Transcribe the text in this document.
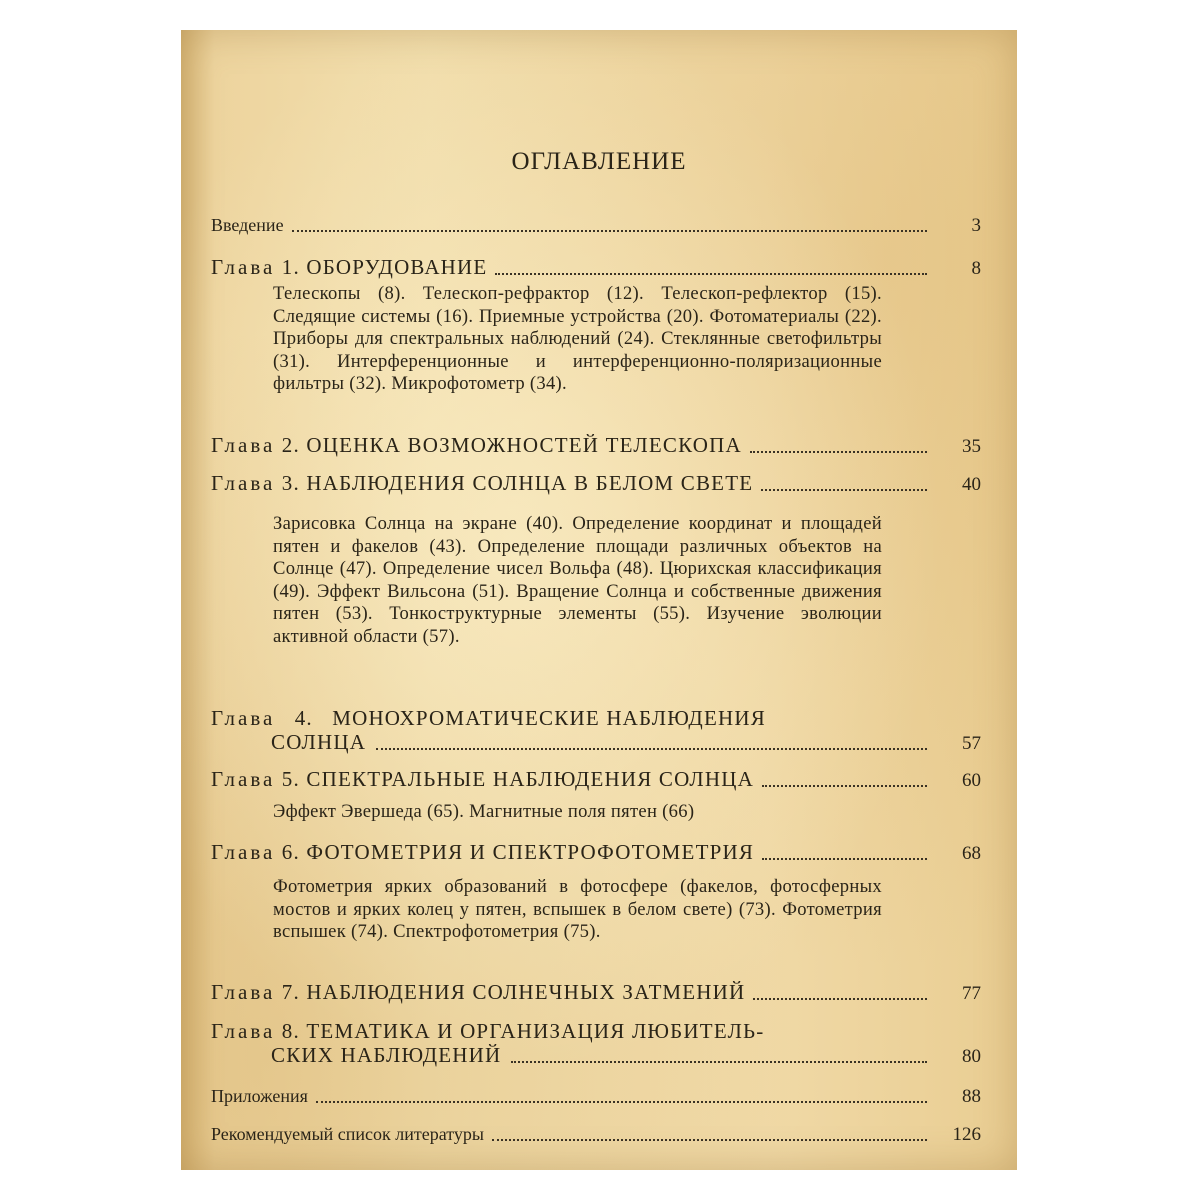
ОГЛАВЛЕНИЕ
Введение	3
Глава 1. ОБОРУДОВАНИЕ	8
Телескопы (8). Телескоп-рефрактор (12). Телескоп-рефлектор (15). Следящие системы (16). Приемные устройства (20). Фотоматериалы (22). Приборы для спектральных наблюдений (24). Стеклянные светофильтры (31). Интерференционные и интерференционно-поляризационные фильтры (32). Микрофотометр (34).
Глава 2. ОЦЕНКА ВОЗМОЖНОСТЕЙ ТЕЛЕСКОПА	35
Глава 3. НАБЛЮДЕНИЯ СОЛНЦА В БЕЛОМ СВЕТЕ	40
Зарисовка Солнца на экране (40). Определение координат и площадей пятен и факелов (43). Определение площади различных объектов на Солнце (47). Определение чисел Вольфа (48). Цюрихская классификация (49). Эффект Вильсона (51). Вращение Солнца и собственные движения пятен (53). Тонкоструктурные элементы (55). Изучение эволюции активной области (57).
Глава 4. МОНОХРОМАТИЧЕСКИЕ НАБЛЮДЕНИЯ
СОЛНЦА	57
Глава 5. СПЕКТРАЛЬНЫЕ НАБЛЮДЕНИЯ СОЛНЦА	60
Эффект Эвершеда (65). Магнитные поля пятен (66)
Глава 6. ФОТОМЕТРИЯ И СПЕКТРОФОТОМЕТРИЯ	68
Фотометрия ярких образований в фотосфере (факелов, фотосферных мостов и ярких колец у пятен, вспышек в белом свете) (73). Фотометрия вспышек (74). Спектрофотометрия (75).
Глава 7. НАБЛЮДЕНИЯ СОЛНЕЧНЫХ ЗАТМЕНИЙ	77
Глава 8. ТЕМАТИКА И ОРГАНИЗАЦИЯ ЛЮБИТЕЛЬ-
СКИХ НАБЛЮДЕНИЙ	80
Приложения	88
Рекомендуемый список литературы	126
